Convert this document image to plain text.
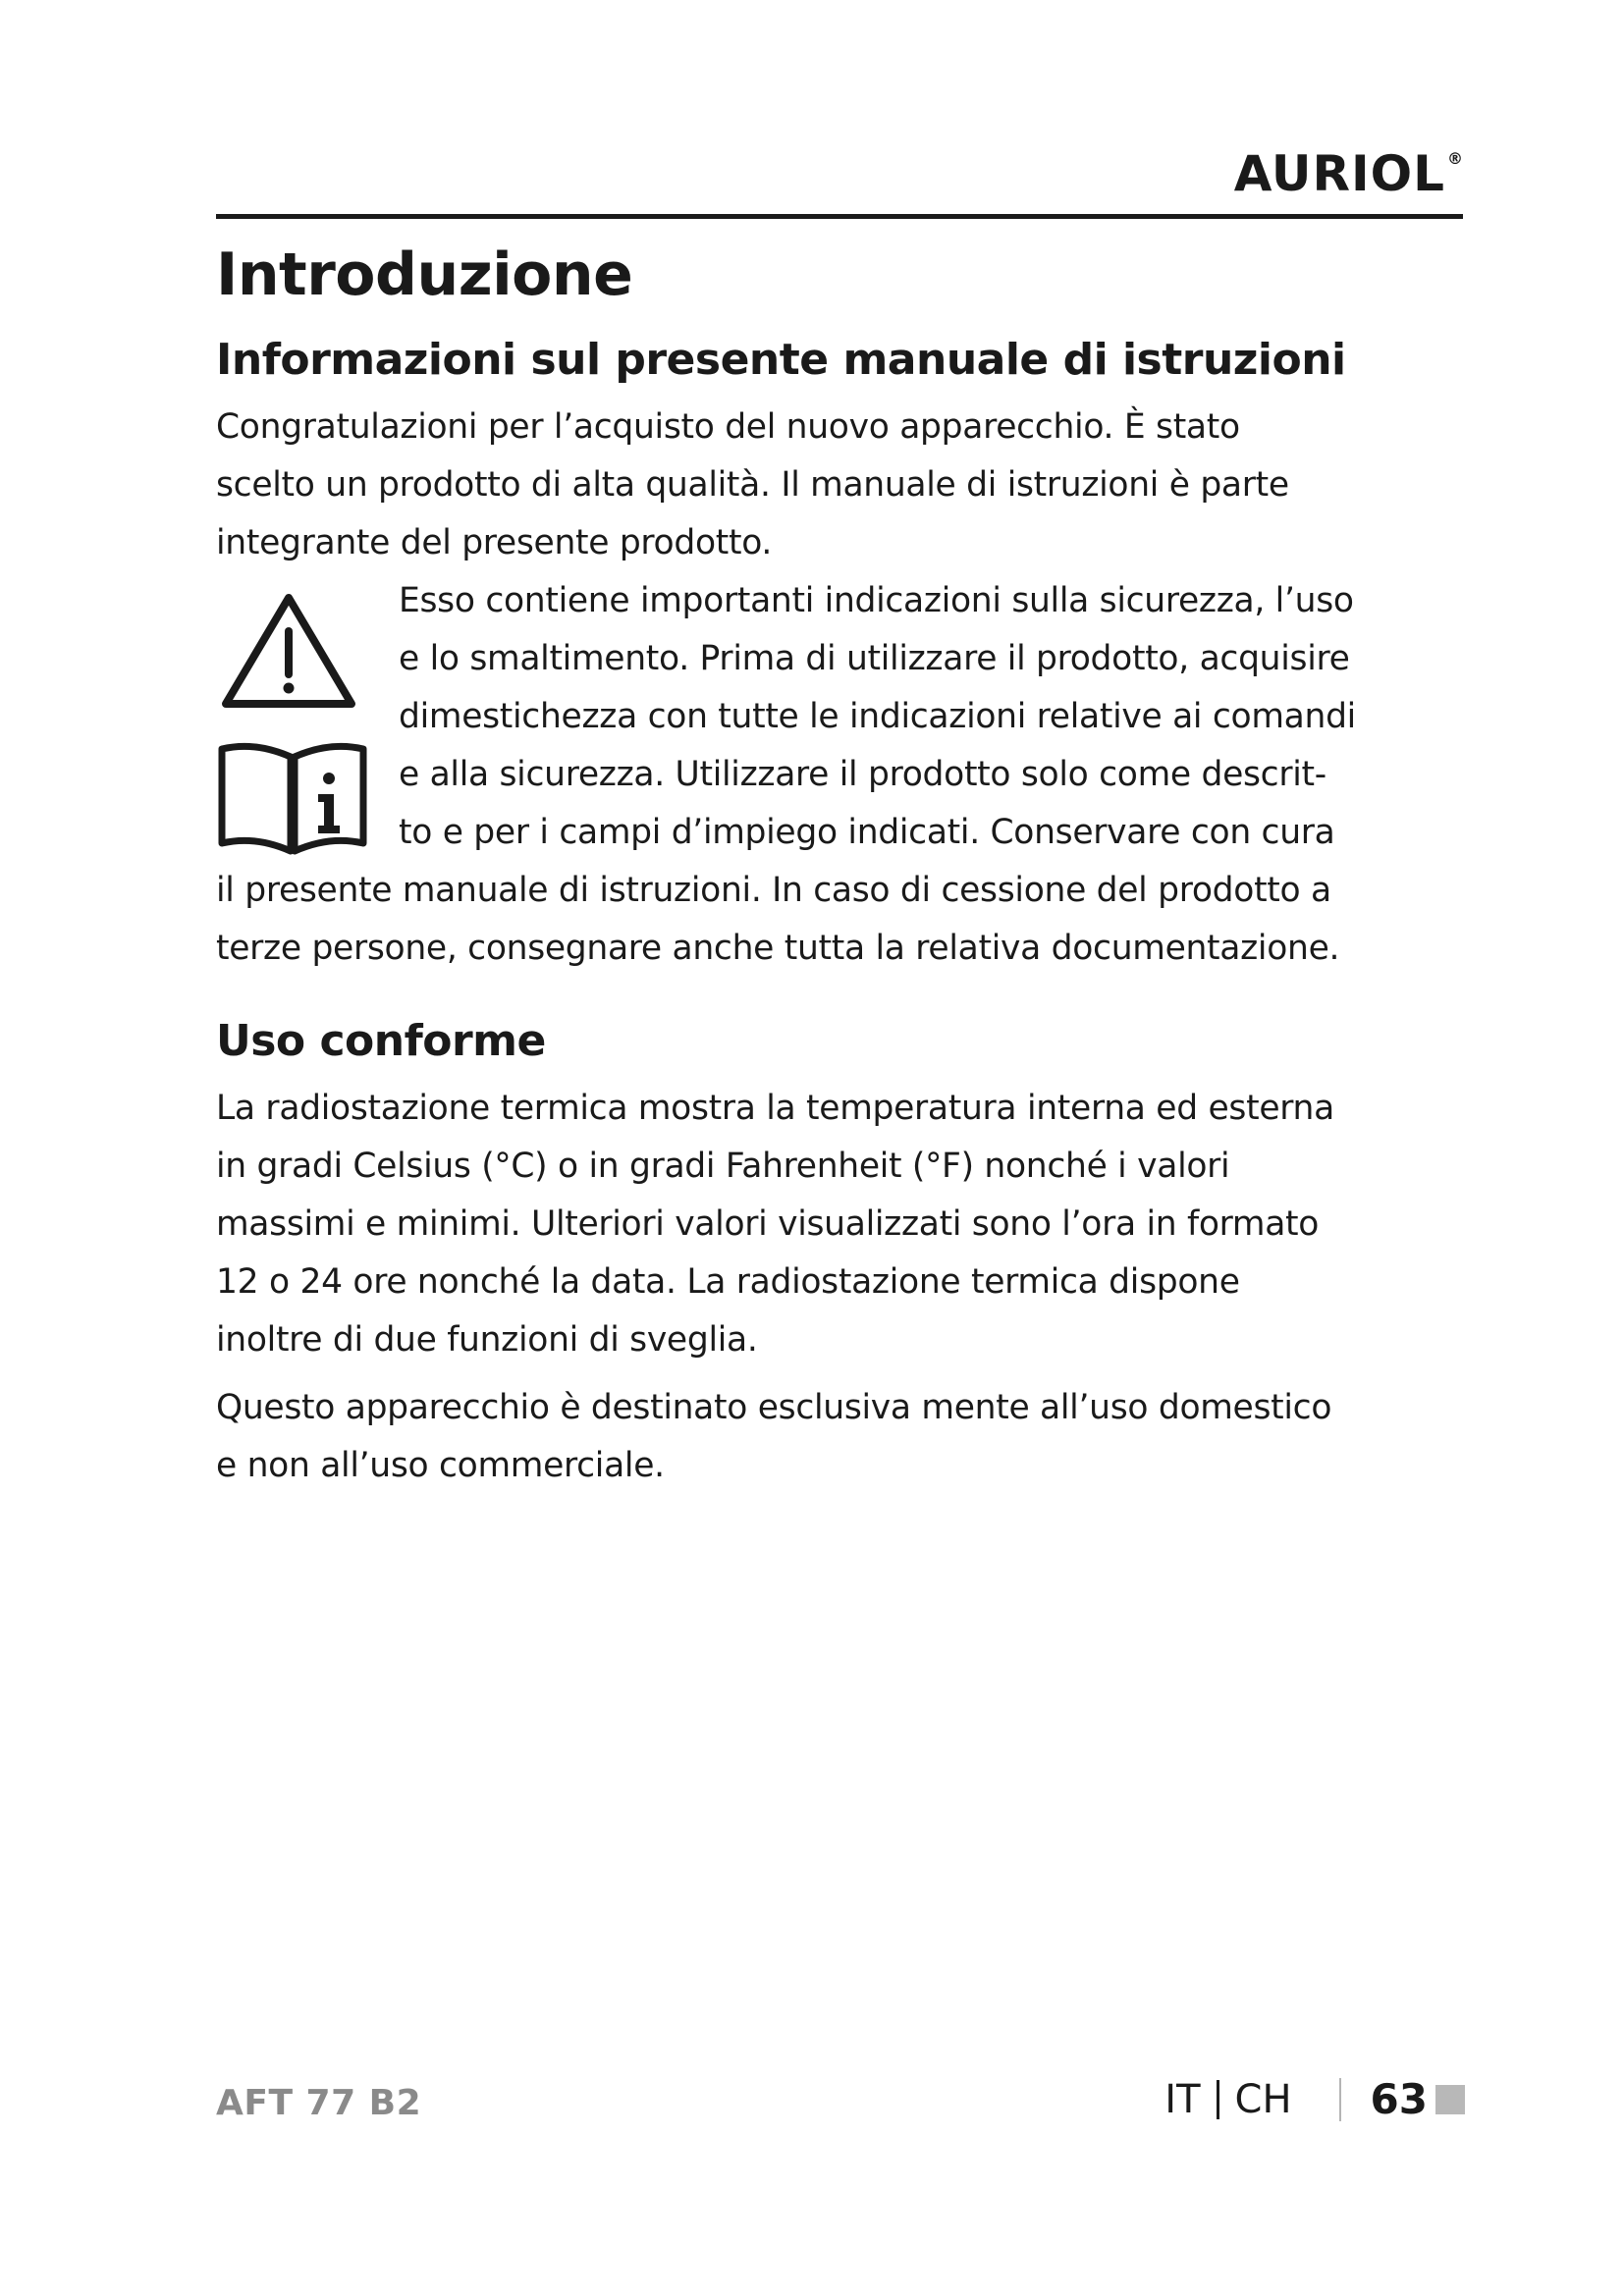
AURIOL ®
Introduzione
Informazioni sul presente manuale di istruzioni

Congratulazioni per l’acquisto del nuovo apparecchio. È stato

scelto un prodotto di alta qualità. Il manuale di istruzioni è parte

integrante del presente prodotto.

Esso contiene importanti indicazioni sulla sicurezza, l’uso

e lo smaltimento. Prima di utilizzare il prodotto, acquisire

dimestichezza con tutte le indicazioni relative ai comandi

e alla sicurezza. Utilizzare il prodotto solo come descrit-

to e per i campi d’impiego indicati. Conservare con cura

il presente manuale di istruzioni. In caso di cessione del prodotto a

terze persone, consegnare anche tutta la relativa documentazione.

Uso conforme

La radiostazione termica mostra la temperatura interna ed esterna

in gradi Celsius (°C) o in gradi Fahrenheit (°F) nonché i valori

massimi e minimi. Ulteriori valori visualizzati sono l’ora in formato

12 o 24 ore nonché la data. La radiostazione termica dispone

inoltre di due funzioni di sveglia.

Questo apparecchio è destinato esclusiva mente all’uso domestico

e non all’uso commerciale.

AFT 77 B2	IT CH 63
